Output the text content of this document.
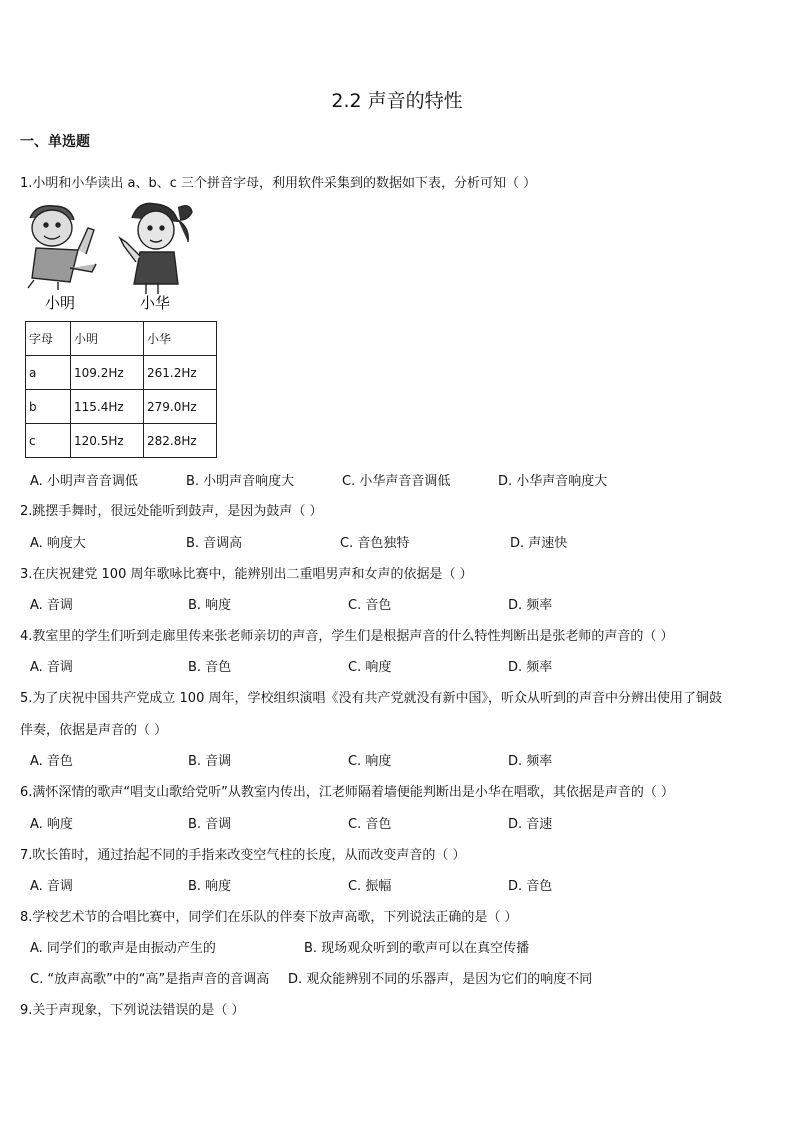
2.2 声音的特性
一、单选题
1.小明和小华读出 a、b、c 三个拼音字母，利用软件采集到的数据如下表，分析可知（ ）
小明	小华
字母	小明	小华
a	109.2Hz	261.2Hz
b	115.4Hz	279.0Hz
c	120.5Hz	282.8Hz
A. 小明声音音调低	B. 小明声音响度大	C. 小华声音音调低	D. 小华声音响度大
2.跳摆手舞时，很远处能听到鼓声，是因为鼓声（ ）
A. 响度大	B. 音调高	C. 音色独特	D. 声速快
3.在庆祝建党 100 周年歌咏比赛中，能辨别出二重唱男声和女声的依据是（ ）
A. 音调	B. 响度	C. 音色	D. 频率
4.教室里的学生们听到走廊里传来张老师亲切的声音，学生们是根据声音的什么特性判断出是张老师的声音的（ ）
A. 音调	B. 音色	C. 响度	D. 频率
5.为了庆祝中国共产党成立 100 周年，学校组织演唱《没有共产党就没有新中国》，听众从听到的声音中分辨出使用了铜鼓
伴奏，依据是声音的（ ）
A. 音色	B. 音调	C. 响度	D. 频率
6.满怀深情的歌声“唱支山歌给党听”从教室内传出，江老师隔着墙便能判断出是小华在唱歌，其依据是声音的（ ）
A. 响度	B. 音调	C. 音色	D. 音速
7.吹长笛时，通过抬起不同的手指来改变空气柱的长度，从而改变声音的（ ）
A. 音调	B. 响度	C. 振幅	D. 音色
8.学校艺术节的合唱比赛中，同学们在乐队的伴奏下放声高歌，下列说法正确的是（ ）
A. 同学们的歌声是由振动产生的	B. 现场观众听到的歌声可以在真空传播
C. “放声高歌”中的“高”是指声音的音调高 D. 观众能辨别不同的乐器声，是因为它们的响度不同
9.关于声现象，下列说法错误的是（ ）
